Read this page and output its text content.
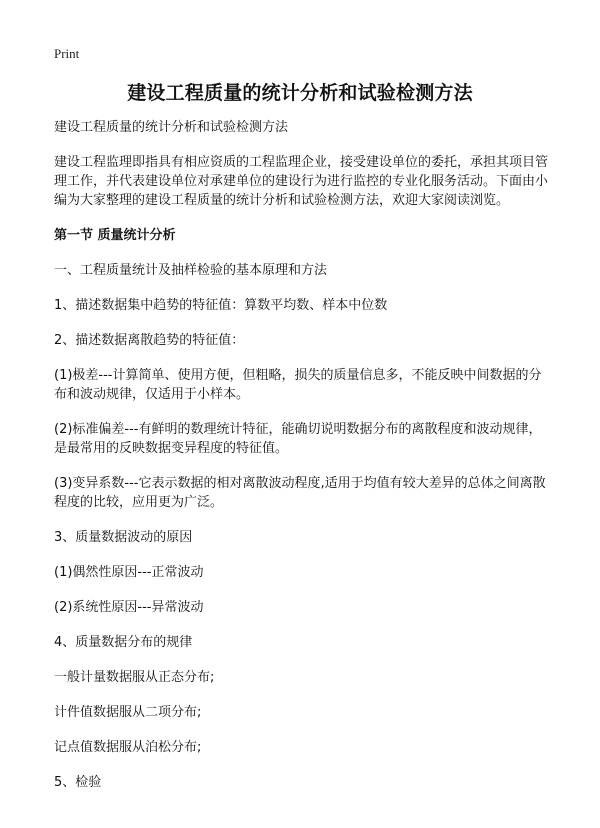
Print
建设工程质量的统计分析和试验检测方法

建设工程质量的统计分析和试验检测方法

建设工程监理即指具有相应资质的工程监理企业，接受建设单位的委托，承担其项目管理工作，并代表建设单位对承建单位的建设行为进行监控的专业化服务活动。下面由小编为大家整理的建设工程质量的统计分析和试验检测方法，欢迎大家阅读浏览。

第一节 质量统计分析

一、工程质量统计及抽样检验的基本原理和方法

1、描述数据集中趋势的特征值：算数平均数、样本中位数

2、描述数据离散趋势的特征值：

(1)极差---计算简单、使用方便，但粗略，损失的质量信息多，不能反映中间数据的分布和波动规律，仅适用于小样本。

(2)标准偏差---有鲜明的数理统计特征，能确切说明数据分布的离散程度和波动规律，是最常用的反映数据变异程度的特征值。

(3)变异系数---它表示数据的相对离散波动程度,适用于均值有较大差异的总体之间离散程度的比较，应用更为广泛。

3、质量数据波动的原因

(1)偶然性原因---正常波动

(2)系统性原因---异常波动

4、质量数据分布的规律

一般计量数据服从正态分布;

计件值数据服从二项分布;

记点值数据服从泊松分布;

5、检验
